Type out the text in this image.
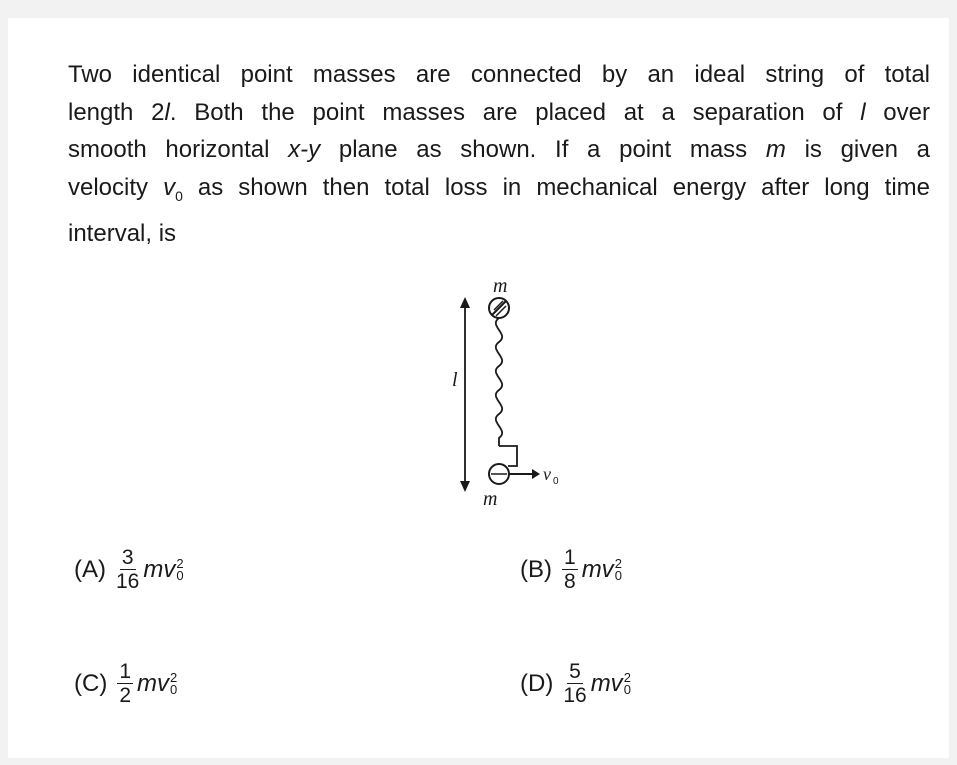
Two identical point masses are connected by an ideal string of total
length 2l. Both the point masses are placed at a separation of l over
smooth horizontal x-y plane as shown. If a point mass m is given a
velocity $v_0$ as shown then total loss in mechanical energy after long time
interval, is
m
v 0
m
l
$(A) \frac{3}{16}$ mv 2
0	$(B) \frac{1}{8}$ mv 2
0
$(C) \frac{1}{2}$ mv 2
0	$(D) \frac{5}{16}$ mv 2
0
